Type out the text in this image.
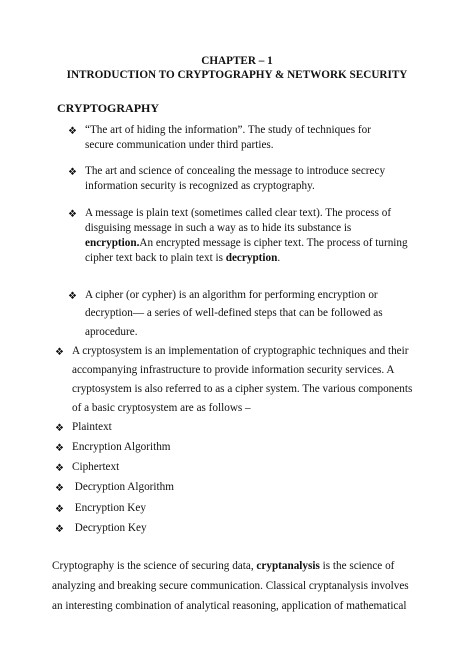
CHAPTER – 1
INTRODUCTION TO CRYPTOGRAPHY & NETWORK SECURITY
CRYPTOGRAPHY
❖ “The art of hiding the information”. The study of techniques for
secure communication under third parties.
❖ The art and science of concealing the message to introduce secrecy
information security is recognized as cryptography.
❖ A message is plain text (sometimes called clear text). The process of
disguising message in such a way as to hide its substance is
encryption.An encrypted message is cipher text. The process of turning
cipher text back to plain text is decryption.
❖ A cipher (or cypher) is an algorithm for performing encryption or
decryption— a series of well-defined steps that can be followed as
aprocedure.
❖ A cryptosystem is an implementation of cryptographic techniques and their
accompanying infrastructure to provide information security services. A
cryptosystem is also referred to as a cipher system. The various components
of a basic cryptosystem are as follows –
❖ Plaintext
❖ Encryption Algorithm
❖ Ciphertext
❖ Decryption Algorithm
❖ Encryption Key
❖ Decryption Key
Cryptography is the science of securing data, cryptanalysis is the science of
analyzing and breaking secure communication. Classical cryptanalysis involves
an interesting combination of analytical reasoning, application of mathematical
